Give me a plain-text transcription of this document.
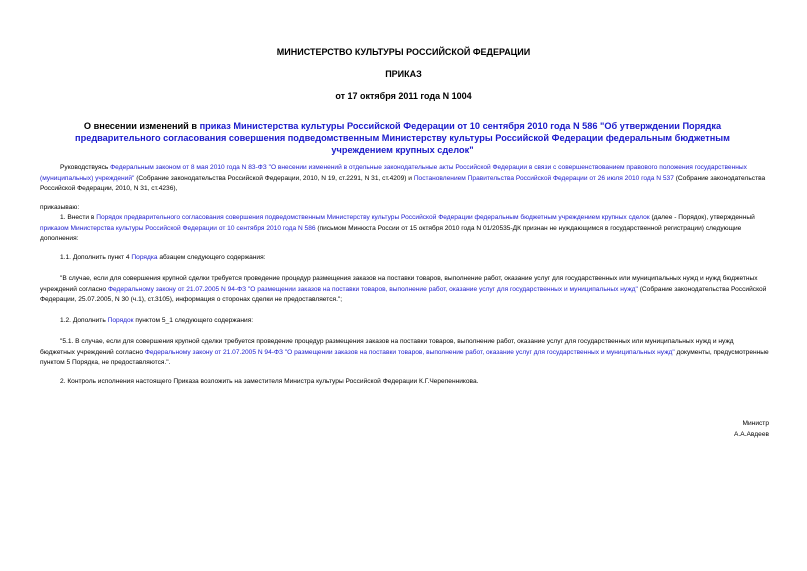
МИНИСТЕРСТВО КУЛЬТУРЫ РОССИЙСКОЙ ФЕДЕРАЦИИ
ПРИКАЗ
от 17 октября 2011 года N 1004
О внесении изменений в приказ Министерства культуры Российской Федерации от 10 сентября 2010 года N 586 "Об утверждении Порядка предварительного согласования совершения подведомственным Министерству культуры Российской Федерации федеральным бюджетным учреждением крупных сделок"

Руководствуясь Федеральным законом от 8 мая 2010 года N 83-ФЗ "О внесении изменений в отдельные законодательные акты Российской Федерации в связи с совершенствованием правового положения государственных (муниципальных) учреждений" (Собрание законодательства Российской Федерации, 2010, N 19, ст.2291, N 31, ст.4209) и Постановлением Правительства Российской Федерации от 26 июля 2010 года N 537 (Собрание законодательства Российской Федерации, 2010, N 31, ст.4236),

приказываю:

1. Внести в Порядок предварительного согласования совершения подведомственным Министерству культуры Российской Федерации федеральным бюджетным учреждением крупных сделок (далее - Порядок), утвержденный приказом Министерства культуры Российской Федерации от 10 сентября 2010 года N 586 (письмом Минюста России от 15 октября 2010 года N 01/20535-ДК признан не нуждающимся в государственной регистрации) следующие дополнения:

1.1. Дополнить пункт 4 Порядка абзацем следующего содержания:

"В случае, если для совершения крупной сделки требуется проведение процедур размещения заказов на поставки товаров, выполнение работ, оказание услуг для государственных или муниципальных нужд и нужд бюджетных учреждений согласно Федеральному закону от 21.07.2005 N 94-ФЗ "О размещении заказов на поставки товаров, выполнение работ, оказание услуг для государственных и муниципальных нужд" (Собрание законодательства Российской Федерации, 25.07.2005, N 30 (ч.1), ст.3105), информация о сторонах сделки не предоставляется.";

1.2. Дополнить Порядок пунктом 5_1 следующего содержания:

"5.1. В случае, если для совершения крупной сделки требуется проведение процедур размещения заказов на поставки товаров, выполнение работ, оказание услуг для государственных или муниципальных нужд и нужд бюджетных учреждений согласно Федеральному закону от 21.07.2005 N 94-ФЗ "О размещении заказов на поставки товаров, выполнение работ, оказание услуг для государственных и муниципальных нужд" документы, предусмотренные пунктом 5 Порядка, не предоставляются.".

2. Контроль исполнения настоящего Приказа возложить на заместителя Министра культуры Российской Федерации К.Г.Черепенникова.

Министр
А.А.Авдеев
